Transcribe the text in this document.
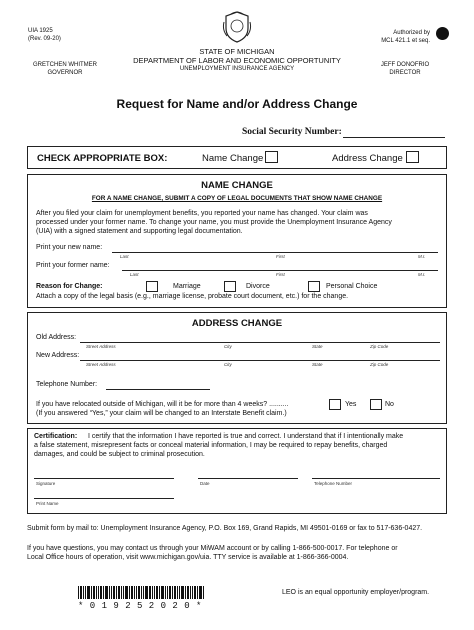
UIA 1925
(Rev. 09-20)
Authorized by
MCL 421.1 et seq.
GRETCHEN WHITMER
GOVERNOR
STATE OF MICHIGAN
DEPARTMENT OF LABOR AND ECONOMIC OPPORTUNITY
UNEMPLOYMENT INSURANCE AGENCY
JEFF DONOFRIO
DIRECTOR
Request for Name and/or Address Change
Social Security Number:
CHECK APPROPRIATE BOX:	Name Change	Address Change
NAME CHANGE
FOR A NAME CHANGE, SUBMIT A COPY OF LEGAL DOCUMENTS THAT SHOW NAME CHANGE
After you filed your claim for unemployment benefits, you reported your name has changed. Your claim was
processed under your former name. To change your name, you must provide the Unemployment Insurance Agency
(UIA) with a signed statement and supporting legal documentation.
Print your new name:
Last	First	M.I.
Print your former name:
Last	First	M.I.
Reason for Change:	Marriage	Divorce	Personal Choice
Attach a copy of the legal basis (e.g., marriage license, probate court document, etc.) for the change.
ADDRESS CHANGE
Old Address:
Street Address	City	State	Zip Code
New Address:
Street Address	City	State	Zip Code
Telephone Number:
If you have relocated outside of Michigan, will it be for more than 4 weeks? ..........	Yes	No
(If you answered “Yes,” your claim will be changed to an Interstate Benefit claim.)
Certification: I certify that the information I have reported is true and correct. I understand that if I intentionally make
a false statement, misrepresent facts or conceal material information, I may be required to repay benefits, charged
damages, and could be subject to criminal prosecution.
Signature	Date	Telephone Number
Print Name
Submit form by mail to: Unemployment Insurance Agency, P.O. Box 169, Grand Rapids, MI 49501-0169 or fax to 517-636-0427.
If you have questions, you may contact us through your MiWAM account or by calling 1-866-500-0017. For telephone or
Local Office hours of operation, visit www.michigan.gov/uia. TTY service is available at 1-866-366-0004.
* 0 1 9 2 5 2 0 2 0 *
LEO is an equal opportunity employer/program.
